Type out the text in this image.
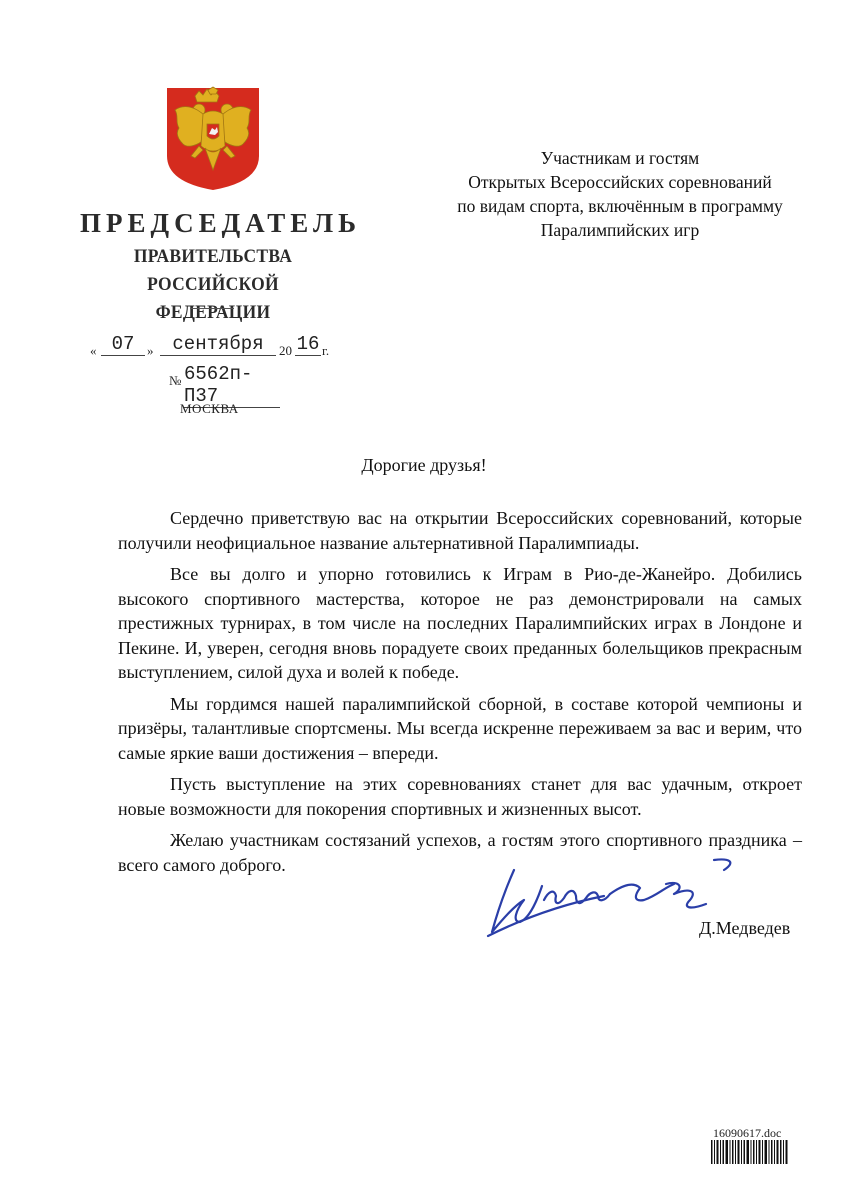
ПРЕДСЕДАТЕЛЬ
ПРАВИТЕЛЬСТВА
РОССИЙСКОЙ ФЕДЕРАЦИИ
« 07 » сентября	20 16 г.
№ 6562п-П37
МОСКВА
Участникам и гостям
Открытых Всероссийских соревнований
по видам спорта, включённым в программу
Паралимпийских игр
Дорогие друзья!

Сердечно приветствую вас на открытии Всероссийских соревнований, которые получили неофициальное название альтернативной Паралимпиады.

Все вы долго и упорно готовились к Играм в Рио-де-Жанейро. Добились высокого спортивного мастерства, которое не раз демонстрировали на самых престижных турнирах, в том числе на последних Паралимпийских играх в Лондоне и Пекине. И, уверен, сегодня вновь порадуете своих преданных болельщиков прекрасным выступлением, силой духа и волей к победе.

Мы гордимся нашей паралимпийской сборной, в составе которой чемпионы и призёры, талантливые спортсмены. Мы всегда искренне переживаем за вас и верим, что самые яркие ваши достижения – впереди.

Пусть выступление на этих соревнованиях станет для вас удачным, откроет новые возможности для покорения спортивных и жизненных высот.

Желаю участникам состязаний успехов, а гостям этого спортивного праздника – всего самого доброго.

Д.Медведев
16090617.doc
